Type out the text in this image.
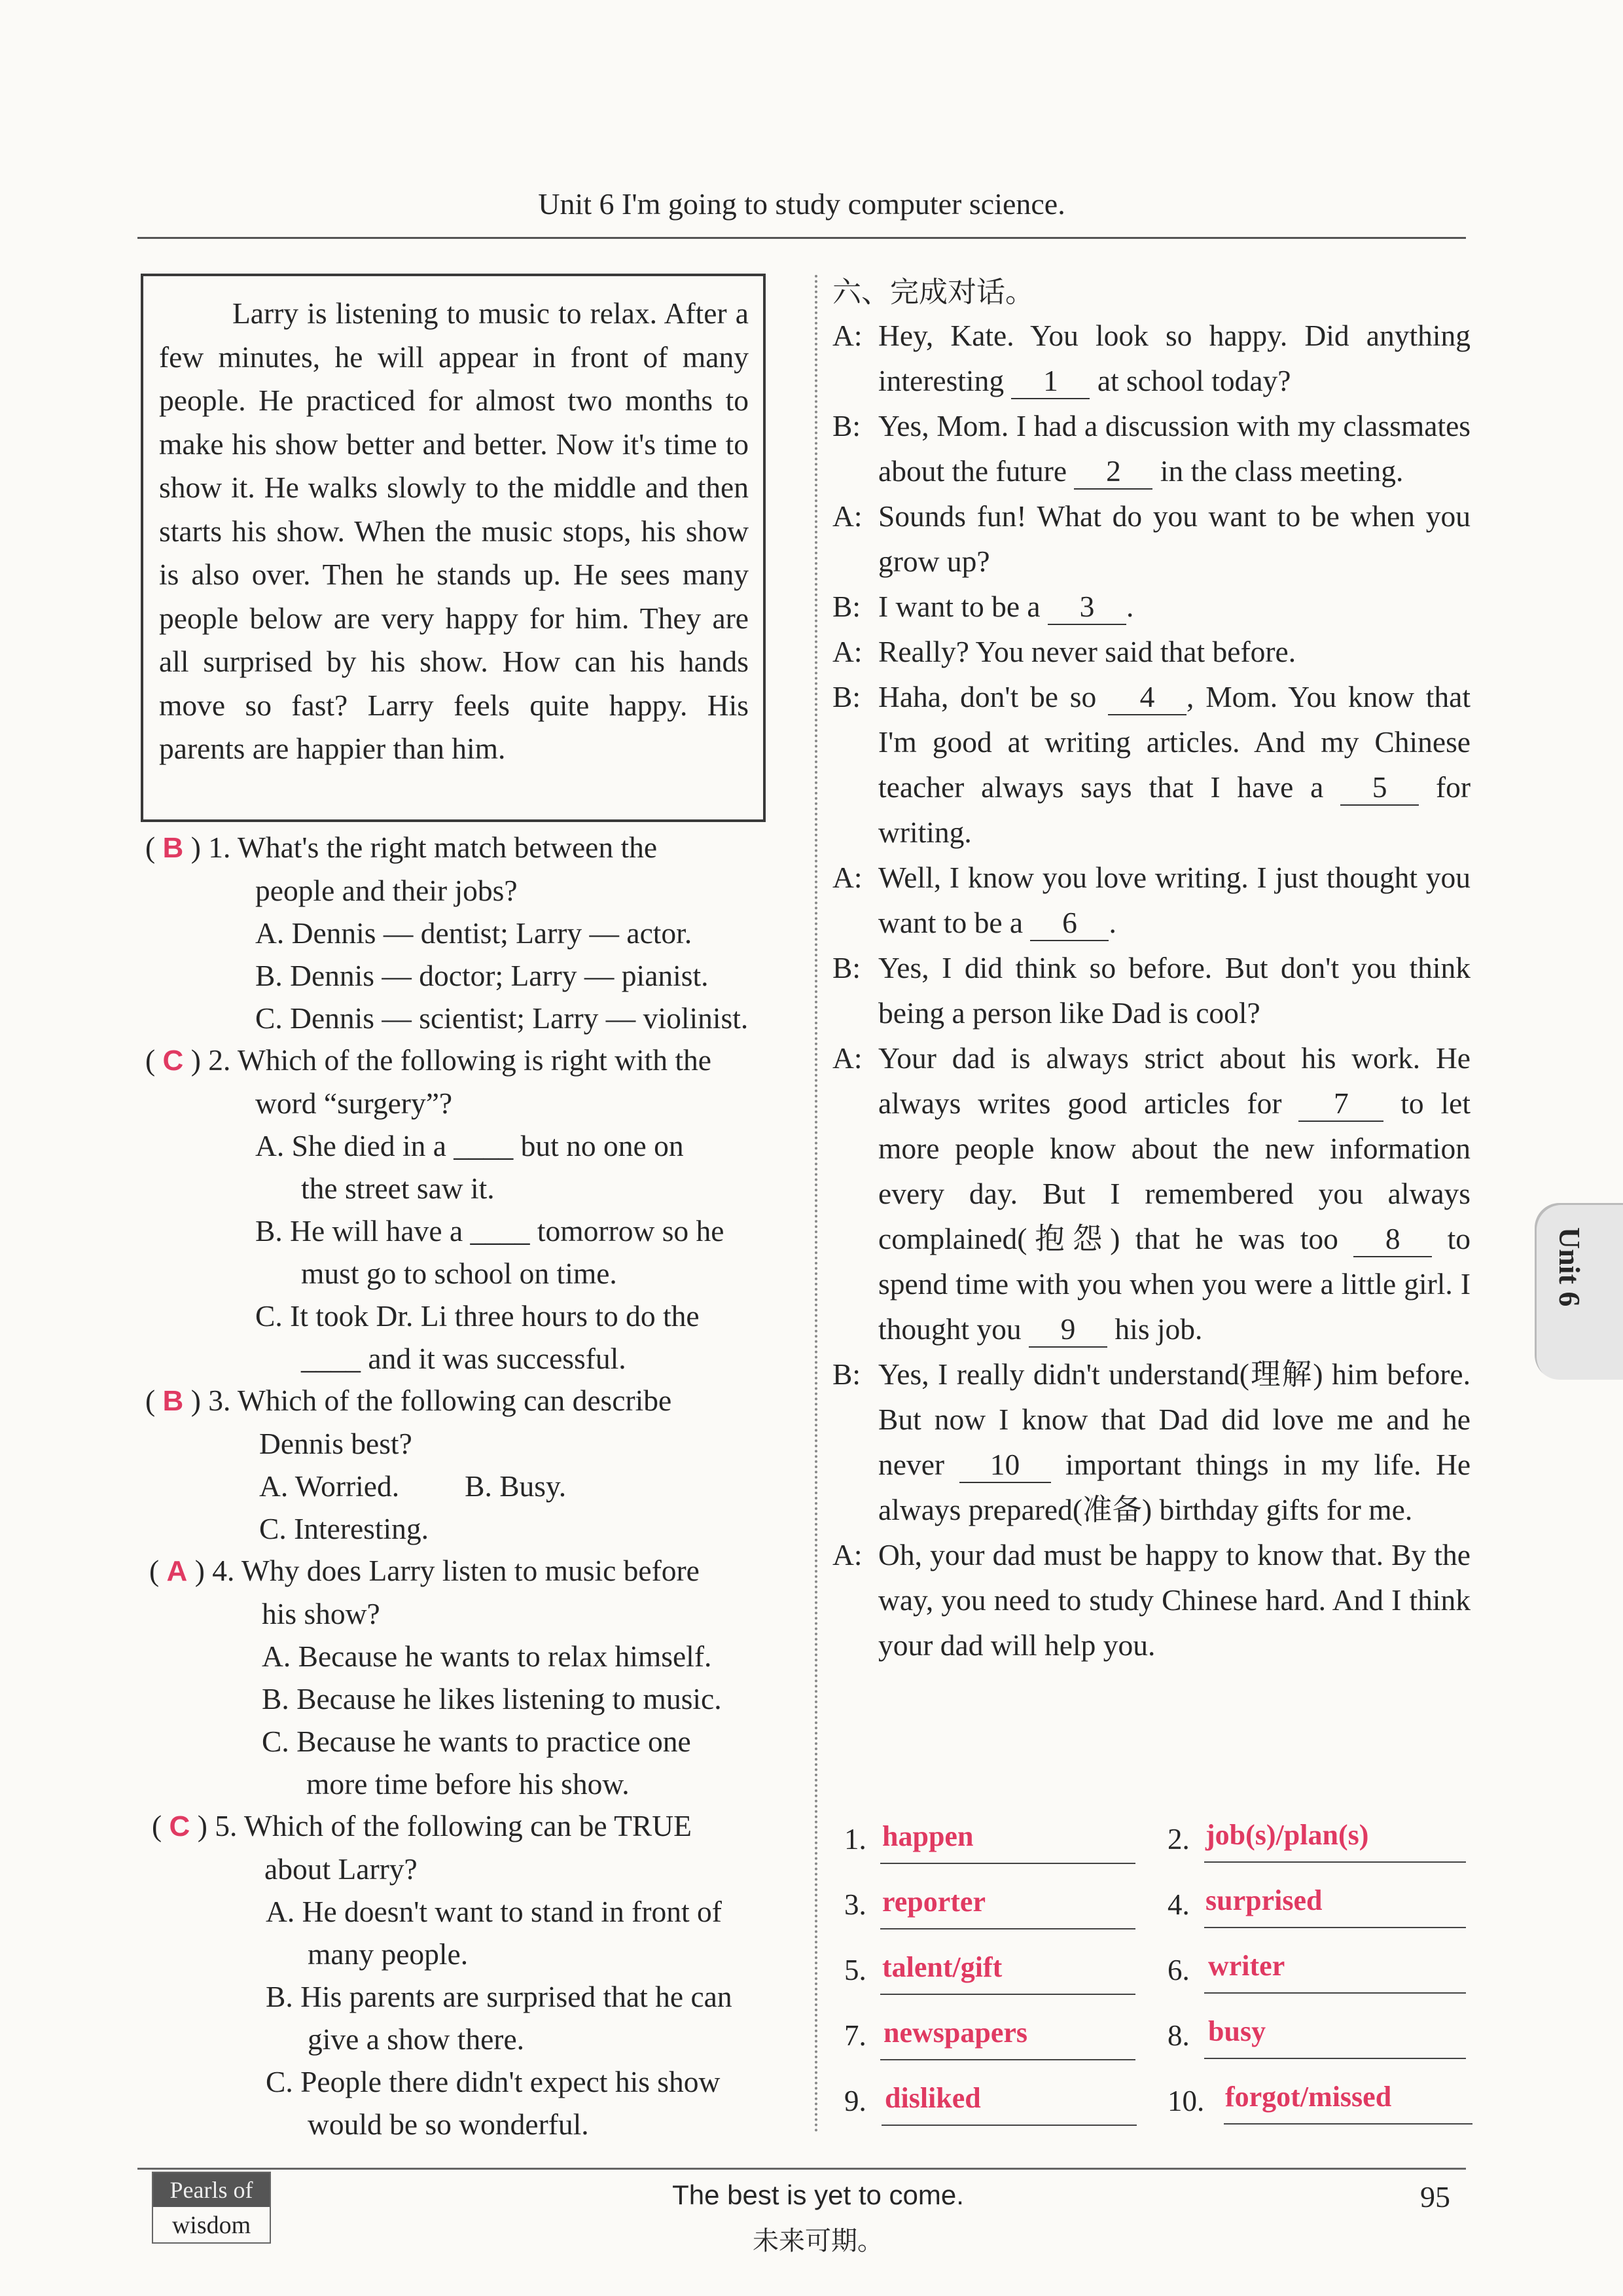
Unit 6 I'm going to study computer science.

Larry is listening to music to relax. After a few minutes, he will appear in front of many people. He practiced for almost two months to make his show better and better. Now it's time to show it. He walks slowly to the middle and then starts his show. When the music stops, his show is also over. Then he stands up. He sees many people below are very happy for him. They are all surprised by his show. How can his hands move so fast? Larry feels quite happy. His parents are happier than him.

( B ) 1. What's the right match between the
people and their jobs?
A. Dennis — dentist; Larry — actor.
B. Dennis — doctor; Larry — pianist.
C. Dennis — scientist; Larry — violinist.
( C ) 2. Which of the following is right with the
word “surgery”?
A. She died in a ____ but no one on
the street saw it.
B. He will have a ____ tomorrow so he
must go to school on time.
C. It took Dr. Li three hours to do the
____ and it was successful.
( B ) 3. Which of the following can describe
Dennis best?
A. Worried. B. Busy.
C. Interesting.
( A ) 4. Why does Larry listen to music before
his show?
A. Because he wants to relax himself.
B. Because he likes listening to music.
C. Because he wants to practice one
more time before his show.
( C ) 5. Which of the following can be TRUE
about Larry?
A. He doesn't want to stand in front of
many people.
B. His parents are surprised that he can
give a show there.
C. People there didn't expect his show
would be so wonderful.
六、完成对话。
A: Hey, Kate. You look so happy. Did anything interesting 1 at school today?
B: Yes, Mom. I had a discussion with my classmates about the future 2 in the class meeting.
A: Sounds fun! What do you want to be when you grow up?
B: I want to be a 3 .
A: Really? You never said that before.
B: Haha, don't be so 4 , Mom. You know that I'm good at writing articles. And my Chinese teacher always says that I have a 5 for writing.
A: Well, I know you love writing. I just thought you want to be a 6 .
B: Yes, I did think so before. But don't you think being a person like Dad is cool?
A: Your dad is always strict about his work. He always writes good articles for 7 to let more people know about the new information every day. But I remembered you always complained(抱怨) that he was too 8 to spend time with you when you were a little girl. I thought you 9 his job.
B: Yes, I really didn't understand(理解) him before. But now I know that Dad did love me and he never 10 important things in my life. He always prepared(准备) birthday gifts for me.
A: Oh, your dad must be happy to know that. By the way, you need to study Chinese hard. And I think your dad will help you.
1. happen	2. job(s)/plan(s)
3. reporter	4. surprised
5. talent/gift	6. writer
7. newspapers	8. busy
9. disliked	10. forgot/missed
Unit 6
Pearls of
wisdom
The best is yet to come.
未来可期。
95
